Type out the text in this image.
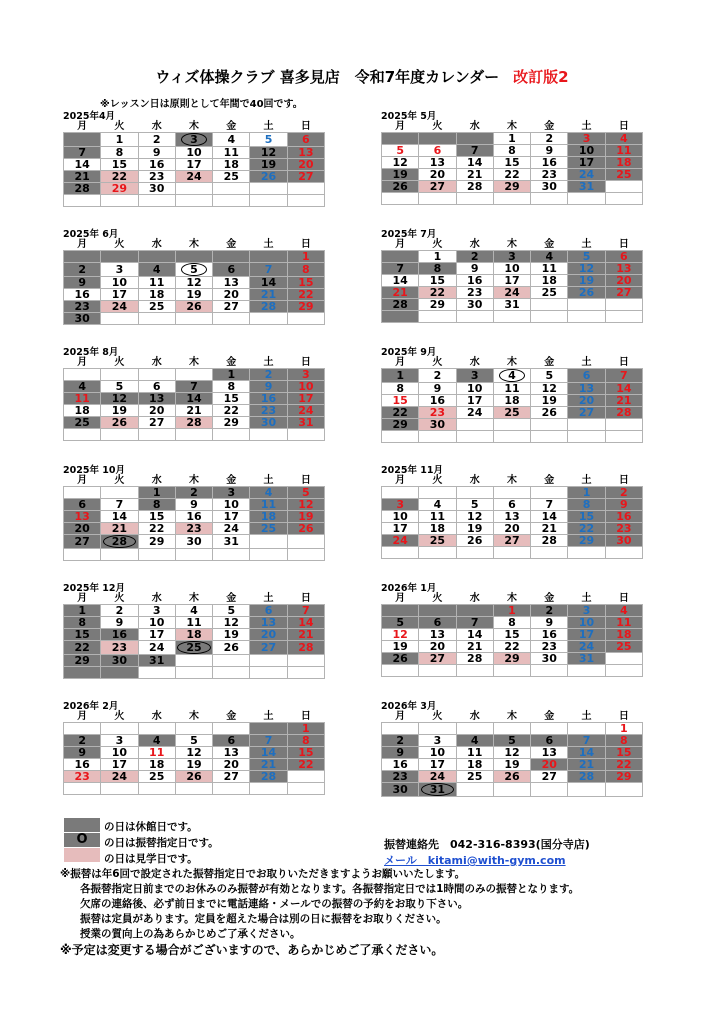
ウィズ体操クラブ 喜多見店　令和7年度カレンダー 改訂版2
※レッスン日は原則として年間で40回です。
2025年4月
月	火	水	木	金	土	日
	1	2	3	4	5	6
7	8	9	10	11	12	13
14	15	16	17	18	19	20
21	22	23	24	25	26	27
28	29	30				

2025年 5月
月	火	水	木	金	土	日
			1	2	3	4
5	6	7	8	9	10	11
12	13	14	15	16	17	18
19	20	21	22	23	24	25
26	27	28	29	30	31	

2025年 6月
月	火	水	木	金	土	日
						1
2	3	4	5	6	7	8
9	10	11	12	13	14	15
16	17	18	19	20	21	22
23	24	25	26	27	28	29
30						
2025年 7月
月	火	水	木	金	土	日
	1	2	3	4	5	6
7	8	9	10	11	12	13
14	15	16	17	18	19	20
21	22	23	24	25	26	27
28	29	30	31			

2025年 8月
月	火	水	木	金	土	日
				1	2	3
4	5	6	7	8	9	10
11	12	13	14	15	16	17
18	19	20	21	22	23	24
25	26	27	28	29	30	31

2025年 9月
月	火	水	木	金	土	日
1	2	3	4	5	6	7
8	9	10	11	12	13	14
15	16	17	18	19	20	21
22	23	24	25	26	27	28
29	30					

2025年 10月
月	火	水	木	金	土	日
		1	2	3	4	5
6	7	8	9	10	11	12
13	14	15	16	17	18	19
20	21	22	23	24	25	26
27	28	29	30	31		

2025年 11月
月	火	水	木	金	土	日
					1	2
3	4	5	6	7	8	9
10	11	12	13	14	15	16
17	18	19	20	21	22	23
24	25	26	27	28	29	30

2025年 12月
月	火	水	木	金	土	日
1	2	3	4	5	6	7
8	9	10	11	12	13	14
15	16	17	18	19	20	21
22	23	24	25	26	27	28
29	30	31				

2026年 1月
月	火	水	木	金	土	日
			1	2	3	4
5	6	7	8	9	10	11
12	13	14	15	16	17	18
19	20	21	22	23	24	25
26	27	28	29	30	31	

2026年 2月
月	火	水	木	金	土	日
						1
2	3	4	5	6	7	8
9	10	11	12	13	14	15
16	17	18	19	20	21	22
23	24	25	26	27	28	

2026年 3月
月	火	水	木	金	土	日
						1
2	3	4	5	6	7	8
9	10	11	12	13	14	15
16	17	18	19	20	21	22
23	24	25	26	27	28	29
30	31					
の日は休館日です。
O	の日は振替指定日です。
の日は見学日です。
振替連絡先　 042-316-8393(国分寺店)
メール　kitami@with-gym.com
※振替は年6回で設定された振替指定日でお取りいただきますようお願いいたします。
各振替指定日前までのお休みのみ振替が有効となります。各振替指定日では1時間のみの振替となります。
欠席の連絡後、必ず前日までに電話連絡・メールでの振替の予約をお取り下さい。
振替は定員があります。定員を超えた場合は別の日に振替をお取りください。
授業の質向上の為あらかじめご了承ください。
※予定は変更する場合がございますので、あらかじめご了承ください。
